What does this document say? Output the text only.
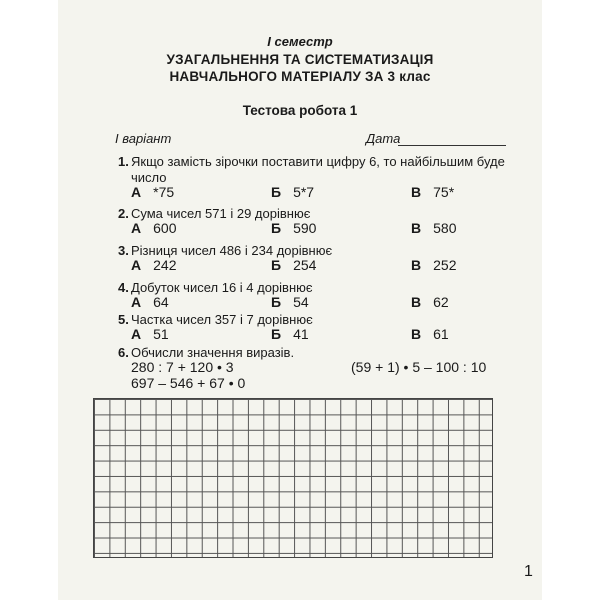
I семестр
УЗАГАЛЬНЕННЯ ТА СИСТЕМАТИЗАЦІЯ
НАВЧАЛЬНОГО МАТЕРІАЛУ ЗА 3 клас
Тестова робота 1
I варіант	Дата
1. Якщо замість зірочки поставити цифру 6, то найбільшим буде
число
А *75	Б 5*7	В 75*
2. Сума чисел 571 і 29 дорівнює
А 600	Б 590	В 580
3. Різниця чисел 486 і 234 дорівнює
А 242	Б 254	В 252
4. Добуток чисел 16 і 4 дорівнює
А 64	Б 54	В 62
5. Частка чисел 357 і 7 дорівнює
А 51	Б 41	В 61
6. Обчисли значення виразів.
280 : 7 + 120 • 3	(59 + 1) • 5 – 100 : 10
697 – 546 + 67 • 0
1
